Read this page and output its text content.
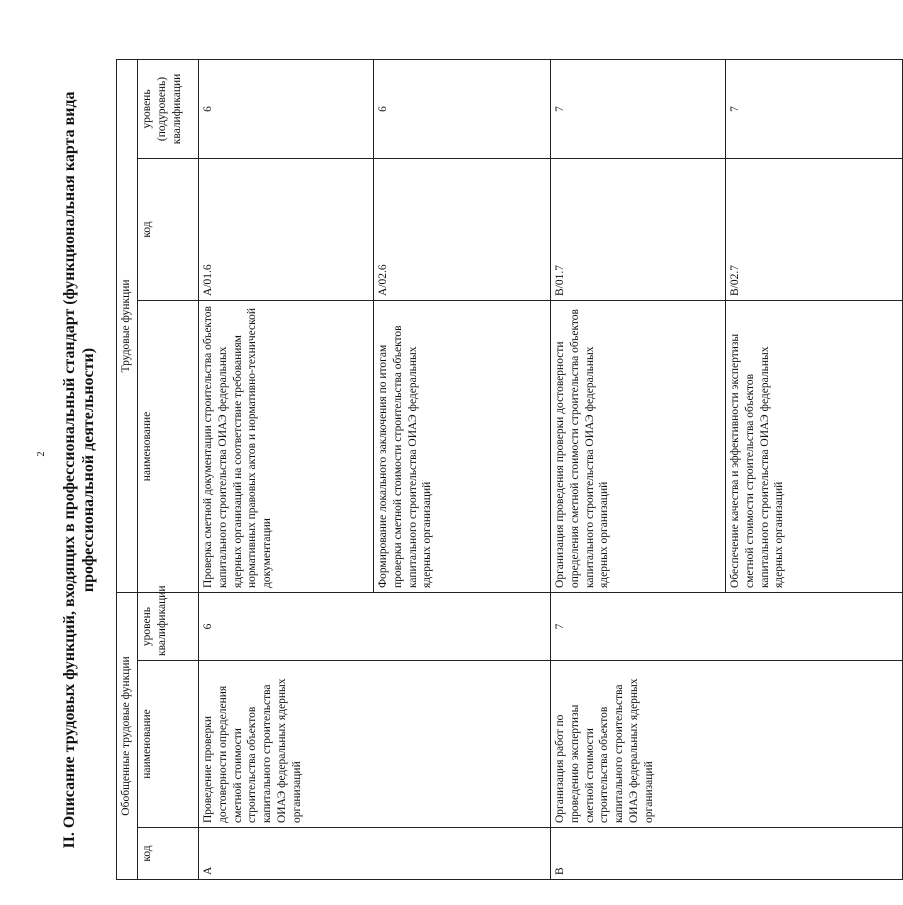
2 II. Описание трудовых функций, входящих в профессиональный стандарт (функциональная карта вида профессиональной деятельности)
Обобщенные трудовые функции			Трудовые функции		
код	наименование	уровень квалификации	наименование	код	уровень (подуровень) квалификации
A	Проведение проверки достоверности определения сметной стоимости строительства объектов капитального строительства ОИАЭ федеральных ядерных организаций	6	Проверка сметной документации строительства объектов капитального строительства ОИАЭ федеральных ядерных организаций на соответствие требованиям нормативных правовых актов и нормативно-технической документации	A/01.6	6
			Формирование локального заключения по итогам проверки сметной стоимости строительства объектов капитального строительства ОИАЭ федеральных ядерных организаций	A/02.6	6
B	Организация работ по проведению экспертизы сметной стоимости строительства объектов капитального строительства ОИАЭ федеральных ядерных организаций	7	Организация проведения проверки достоверности определения сметной стоимости строительства объектов капитального строительства ОИАЭ федеральных ядерных организаций	B/01.7	7
			Обеспечение качества и эффективности экспертизы сметной стоимости строительства объектов капитального строительства ОИАЭ федеральных ядерных организаций	B/02.7	7
